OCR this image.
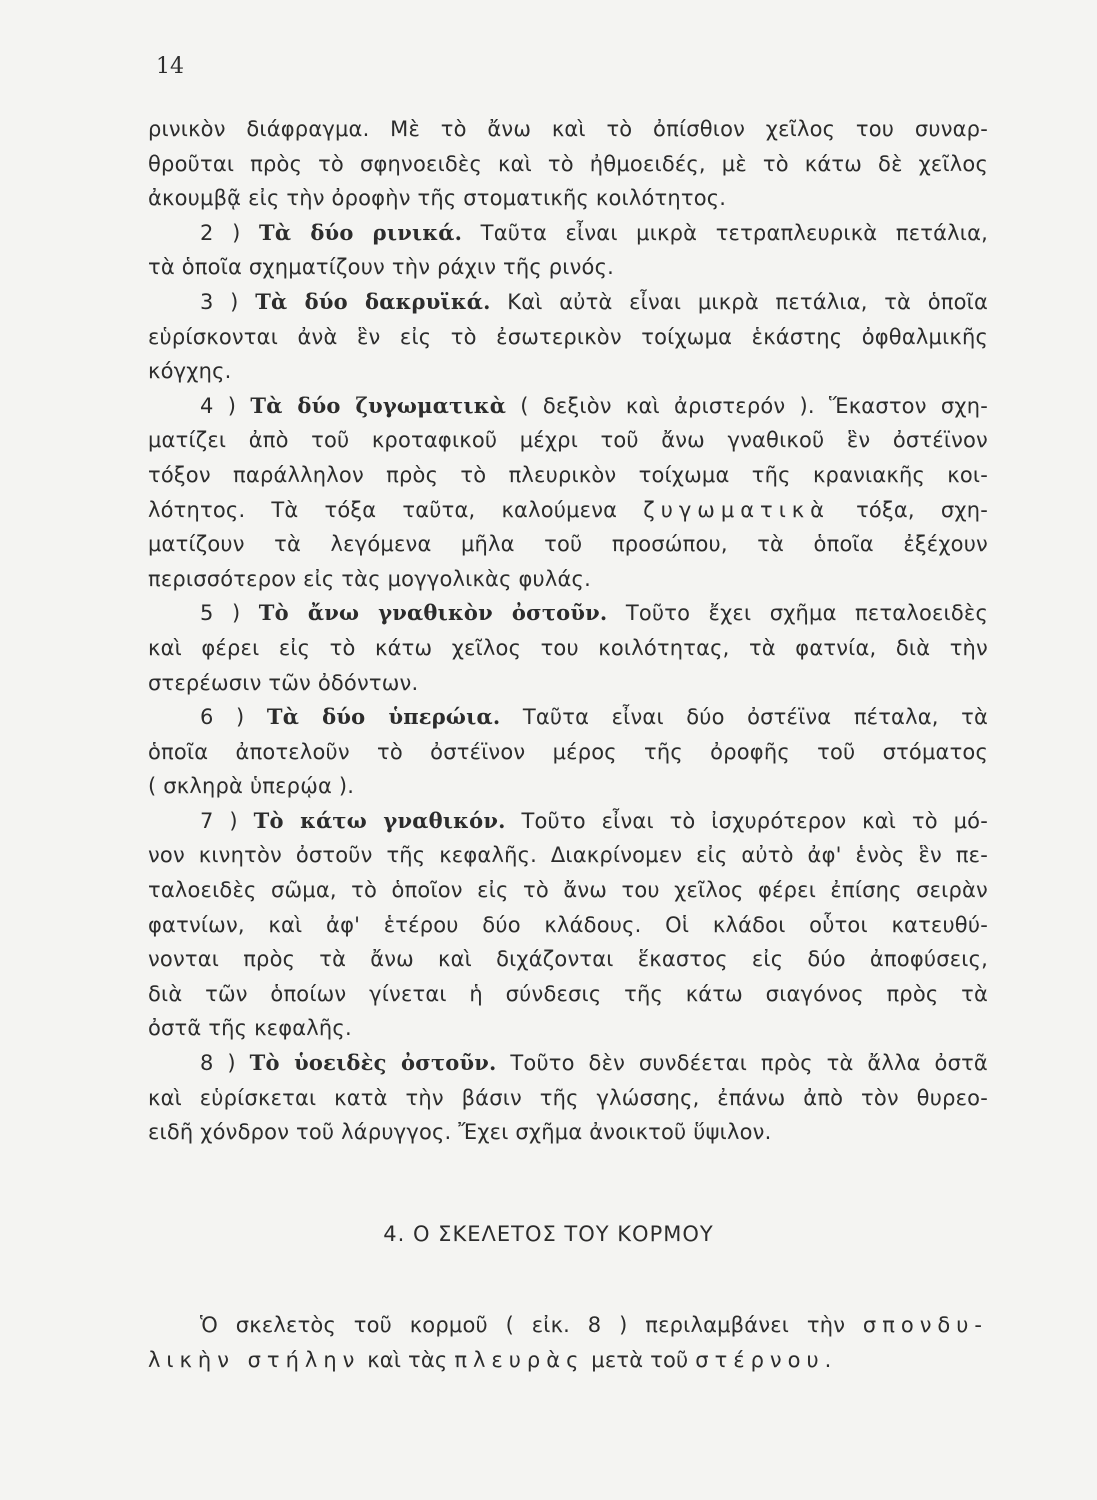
14
ρινικὸν διάφραγμα. Μὲ τὸ ἄνω καὶ τὸ ὀπίσθιον χεῖλος του συναρ-
θροῦται πρὸς τὸ σφηνοειδὲς καὶ τὸ ἠθμοειδές, μὲ τὸ κάτω δὲ χεῖλος
ἀκουμβᾷ εἰς τὴν ὀροφὴν τῆς στοματικῆς κοιλότητος.
2 ) Τὰ δύο ρινικά. Ταῦτα εἶναι μικρὰ τετραπλευρικὰ πετάλια,
τὰ ὁποῖα σχηματίζουν τὴν ράχιν τῆς ρινός.
3 ) Τὰ δύο δακρυϊκά. Καὶ αὐτὰ εἶναι μικρὰ πετάλια, τὰ ὁποῖα
εὑρίσκονται ἀνὰ ἓν εἰς τὸ ἐσωτερικὸν τοίχωμα ἑκάστης ὀφθαλμικῆς
κόγχης.
4 ) Τὰ δύο ζυγωματικὰ ( δεξιὸν καὶ ἀριστερόν ). Ἕκαστον σχη-
ματίζει ἀπὸ τοῦ κροταφικοῦ μέχρι τοῦ ἄνω γναθικοῦ ἓν ὀστέϊνον
τόξον παράλληλον πρὸς τὸ πλευρικὸν τοίχωμα τῆς κρανιακῆς κοι-
λότητος. Τὰ τόξα ταῦτα, καλούμενα ζυγωματικὰ τόξα, σχη-
ματίζουν τὰ λεγόμενα μῆλα τοῦ προσώπου, τὰ ὁποῖα ἐξέχουν
περισσότερον εἰς τὰς μογγολικὰς φυλάς.
5 ) Τὸ ἄνω γναθικὸν ὀστοῦν. Τοῦτο ἔχει σχῆμα πεταλοειδὲς
καὶ φέρει εἰς τὸ κάτω χεῖλος του κοιλότητας, τὰ φατνία, διὰ τὴν
στερέωσιν τῶν ὀδόντων.
6 ) Τὰ δύο ὑπερώια. Ταῦτα εἶναι δύο ὀστέϊνα πέταλα, τὰ
ὁποῖα ἀποτελοῦν τὸ ὀστέϊνον μέρος τῆς ὀροφῆς τοῦ στόματος
( σκληρὰ ὑπερῴα ).
7 ) Τὸ κάτω γναθικόν. Τοῦτο εἶναι τὸ ἰσχυρότερον καὶ τὸ μό-
νον κινητὸν ὀστοῦν τῆς κεφαλῆς. Διακρίνομεν εἰς αὐτὸ ἀφ' ἑνὸς ἓν πε-
ταλοειδὲς σῶμα, τὸ ὁποῖον εἰς τὸ ἄνω του χεῖλος φέρει ἐπίσης σειρὰν
φατνίων, καὶ ἀφ' ἑτέρου δύο κλάδους. Οἱ κλάδοι οὗτοι κατευθύ-
νονται πρὸς τὰ ἄνω καὶ διχάζονται ἕκαστος εἰς δύο ἀποφύσεις,
διὰ τῶν ὁποίων γίνεται ἡ σύνδεσις τῆς κάτω σιαγόνος πρὸς τὰ
ὀστᾶ τῆς κεφαλῆς.
8 ) Τὸ ὑοειδὲς ὀστοῦν. Τοῦτο δὲν συνδέεται πρὸς τὰ ἄλλα ὀστᾶ
καὶ εὑρίσκεται κατὰ τὴν βάσιν τῆς γλώσσης, ἐπάνω ἀπὸ τὸν θυρεο-
ειδῆ χόνδρον τοῦ λάρυγγος. Ἔχει σχῆμα ἀνοικτοῦ ὕψιλον.
4. Ο ΣΚΕΛΕΤΟΣ ΤΟΥ ΚΟΡΜΟΥ
Ὁ σκελετὸς τοῦ κορμοῦ ( εἰκ. 8 ) περιλαμβάνει τὴν σπονδυ-
λικὴν στήλην καὶ τὰς πλευρὰς μετὰ τοῦ στέρνου.
